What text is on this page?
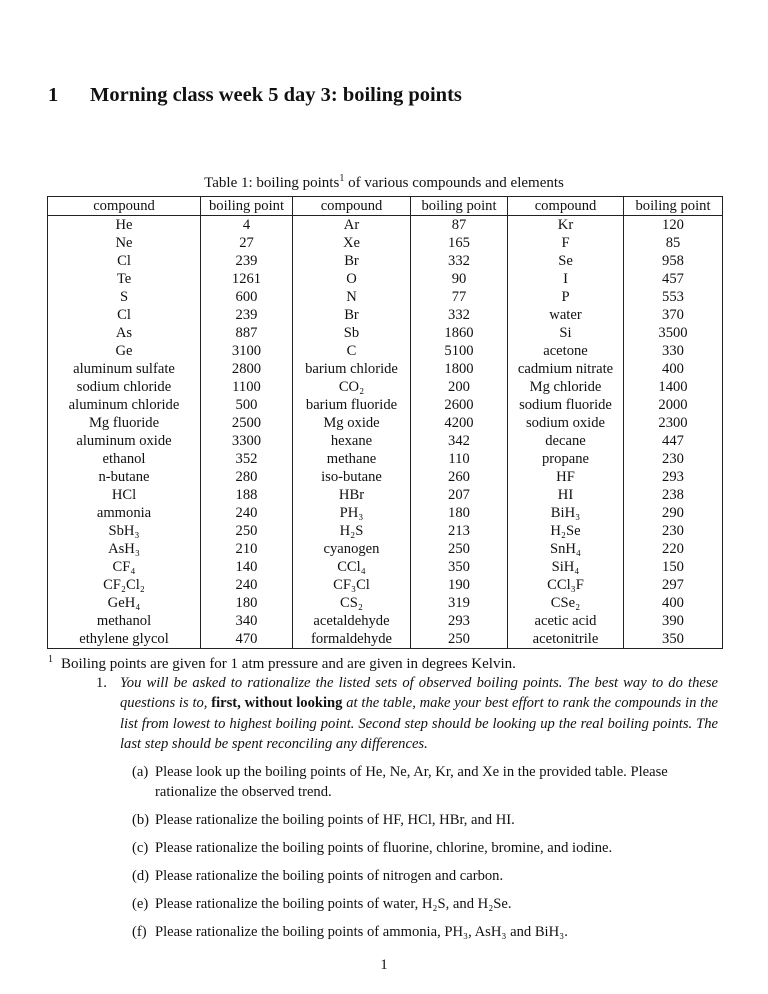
1 Morning class week 5 day 3: boiling points
Table 1: boiling points$^1$ of various compounds and elements
compound	boiling point	compound	boiling point	compound	boiling point
He	4	Ar	87	Kr	120
Ne	27	Xe	165	F	85
Cl	239	Br	332	Se	958
Te	1261	O	90	I	457
S	600	N	77	P	553
Cl	239	Br	332	water	370
As	887	Sb	1860	Si	3500
Ge	3100	C	5100	acetone	330
aluminum sulfate	2800	barium chloride	1800	cadmium nitrate	400
sodium chloride	1100	CO₂	200	Mg chloride	1400
aluminum chloride	500	barium fluoride	2600	sodium fluoride	2000
Mg fluoride	2500	Mg oxide	4200	sodium oxide	2300
aluminum oxide	3300	hexane	342	decane	447
ethanol	352	methane	110	propane	230
n-butane	280	iso-butane	260	HF	293
HCl	188	HBr	207	HI	238
ammonia	240	PH₃	180	BiH₃	290
SbH₃	250	H₂S	213	H₂Se	230
AsH₃	210	cyanogen	250	SnH₄	220
CF₄	140	CCl₄	350	SiH₄	150
CF₂Cl₂	240	CF₃Cl	190	CCl₃F	297
GeH₄	180	CS₂	319	CSe₂	400
methanol	340	acetaldehyde	293	acetic acid	390
ethylene glycol	470	formaldehyde	250	acetonitrile	350
$^1$ Boiling points are given for 1 atm pressure and are given in degrees Kelvin.
1. You will be asked to rationalize the listed sets of observed boiling points. The best way to do these questions is to, first, without looking at the table, make your best effort to rank the compounds in the list from lowest to highest boiling point. Second step should be looking up the real boiling points. The last step should be spent reconciling any differences.
(a) Please look up the boiling points of He, Ne, Ar, Kr, and Xe in the provided table. Please rationalize the observed trend.
(b) Please rationalize the boiling points of HF, HCl, HBr, and HI.
(c) Please rationalize the boiling points of fluorine, chlorine, bromine, and iodine.
(d) Please rationalize the boiling points of nitrogen and carbon.
(e) Please rationalize the boiling points of water, H₂S, and H₂Se.
(f) Please rationalize the boiling points of ammonia, PH₃, AsH₃ and BiH₃.
1
